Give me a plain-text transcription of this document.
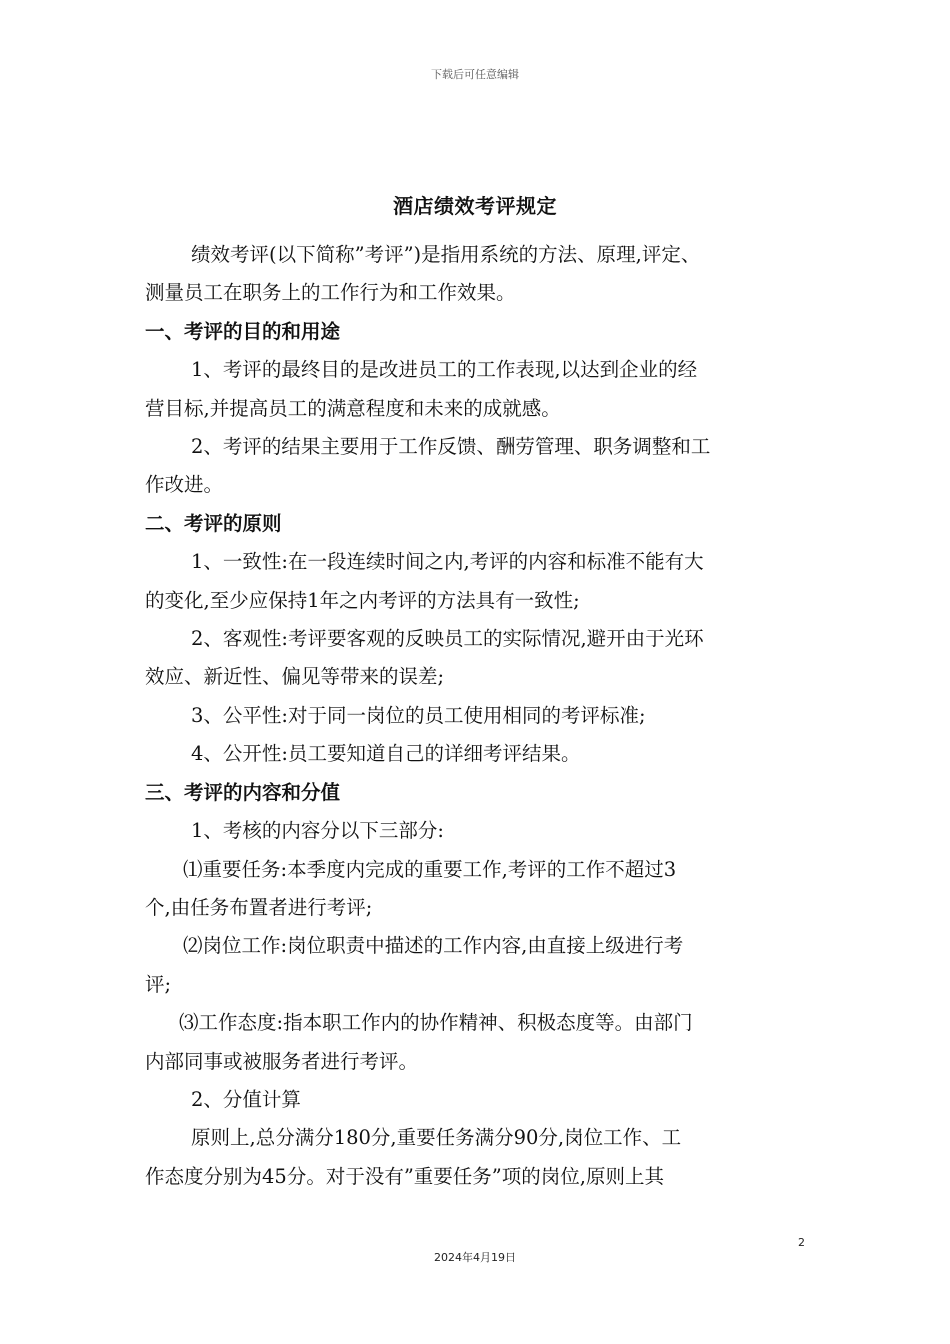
下载后可任意编辑
酒店绩效考评规定

绩效考评(以下简称”考评”)是指用系统的方法、原理,评定、

测量员工在职务上的工作行为和工作效果。

一、考评的目的和用途

1、考评的最终目的是改进员工的工作表现,以达到企业的经

营目标,并提高员工的满意程度和未来的成就感。

2、考评的结果主要用于工作反馈、酬劳管理、职务调整和工

作改进。

二、考评的原则

1、一致性:在一段连续时间之内,考评的内容和标准不能有大

的变化,至少应保持1年之内考评的方法具有一致性;

2、客观性:考评要客观的反映员工的实际情况,避开由于光环

效应、新近性、偏见等带来的误差;

3、公平性:对于同一岗位的员工使用相同的考评标准;

4、公开性:员工要知道自己的详细考评结果。

三、考评的内容和分值

1、考核的内容分以下三部分:

⑴重要任务:本季度内完成的重要工作,考评的工作不超过3

个,由任务布置者进行考评;

⑵岗位工作:岗位职责中描述的工作内容,由直接上级进行考

评;

⑶工作态度:指本职工作内的协作精神、积极态度等。由部门

内部同事或被服务者进行考评。

2、分值计算

原则上,总分满分180分,重要任务满分90分,岗位工作、工

作态度分别为45分。对于没有”重要任务”项的岗位,原则上其

2
2024年4月19日
